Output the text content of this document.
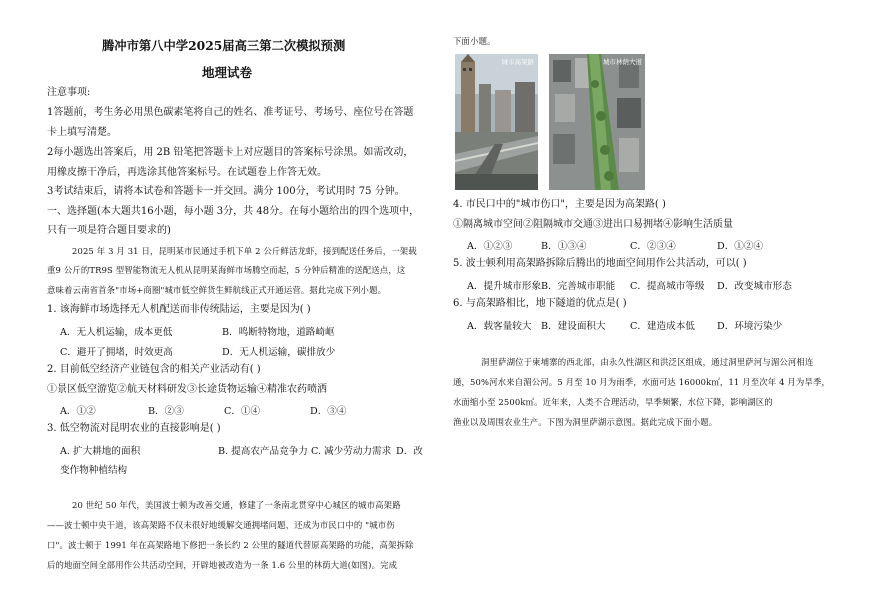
腾冲市第八中学2025届高三第二次模拟预测
地理试卷
注意事项:
1答题前，考生务必用黑色碳素笔将自己的姓名、准考证号、考场号、座位号在答题
卡上填写清楚。
2每小题选出答案后，用 2B 铅笔把答题卡上对应题目的答案标号涂黑。如需改动，
用橡皮擦干净后，再选涂其他答案标号。在试题卷上作答无效。
3考试结束后，请将本试卷和答题卡一并交回。满分 100分，考试用时 75 分钟。
一、选择题(本大题共16小题，每小题 3分，共 48分。在每小题给出的四个选项中，
只有一项是符合题目要求的)
2025 年 3 月 31 日，昆明某市民通过手机下单 2 公斤鲜活龙虾，接到配送任务后，一架载
重9 公斤的TR9S 型智能物流无人机从昆明某海鲜市场腾空而起，5 分钟后精准的送配送点，这
意味着云南省首条"市场+商圈"城市低空鲜货生鲜航线正式开通运营。据此完成下列小题。
1. 该海鲜市场选择无人机配送而非传统陆运，主要是因为( )
A．无人机运输，成本更低	B．鸣断特物地，道路崎岖
C．避开了拥堵，时效更高	D．无人机运输，碳排放少
2. 目前低空经济产业链包含的相关产业活动有( )
①景区低空游览②航天材料研发③长途货物运输④精准农药喷洒
A．①②	B．②③	C．①④	D．③④
3. 低空物流对昆明农业的直接影响是( )
A. 扩大耕地的面积	B. 提高农产品竞争力 C. 减少劳动力需求 D．改
变作物种植结构
20 世纪 50 年代，美国波士顿为改善交通，修建了一条南北贯穿中心城区的城市高架路
——波士顿中央干道，该高架路不仅未很好地缓解交通拥堵问题，还成为市民口中的 "城市伤
口"。波士顿于 1991 年在高架路地下修把一条长约 2 公里的隧道代替原高架路的功能，高架拆除
后的地面空间全部用作公共活动空间，开辟地被改造为一条 1.6 公里的林荫大道(如图)。完成
下面小题。
城市高架路	城市林荫大道
4. 市民口中的"城市伤口"，主要是因为高架路( )
①隔离城市空间②阻隔城市交通③进出口易拥堵④影响生活质量
A．①②③	B．①③④	C．②③④	D．①②④
5. 波士顿利用高架路拆除后腾出的地面空间用作公共活动，可以( )
A．提升城市形象 B．完善城市职能 C．提高城市等级 D．改变城市形态
6. 与高架路相比，地下隧道的优点是( )
A．载客量较大 B．建设面积大	C．建造成本低 D．环境污染少
洞里萨湖位于柬埔寨的西北部，由永久性湖区和洪泛区组成，通过洞里萨河与湄公河相连
通，50%河水来自湄公河。5 月至 10 月为雨季，水面可达 16000k㎡，11 月至次年 4 月为旱季，
水面缩小至 2500k㎡。近年来，人类不合理活动，旱季频繁，水位下降，影响湖区的
渔业以及周围农业生产。下图为洞里萨湖示意图。据此完成下面小题。
